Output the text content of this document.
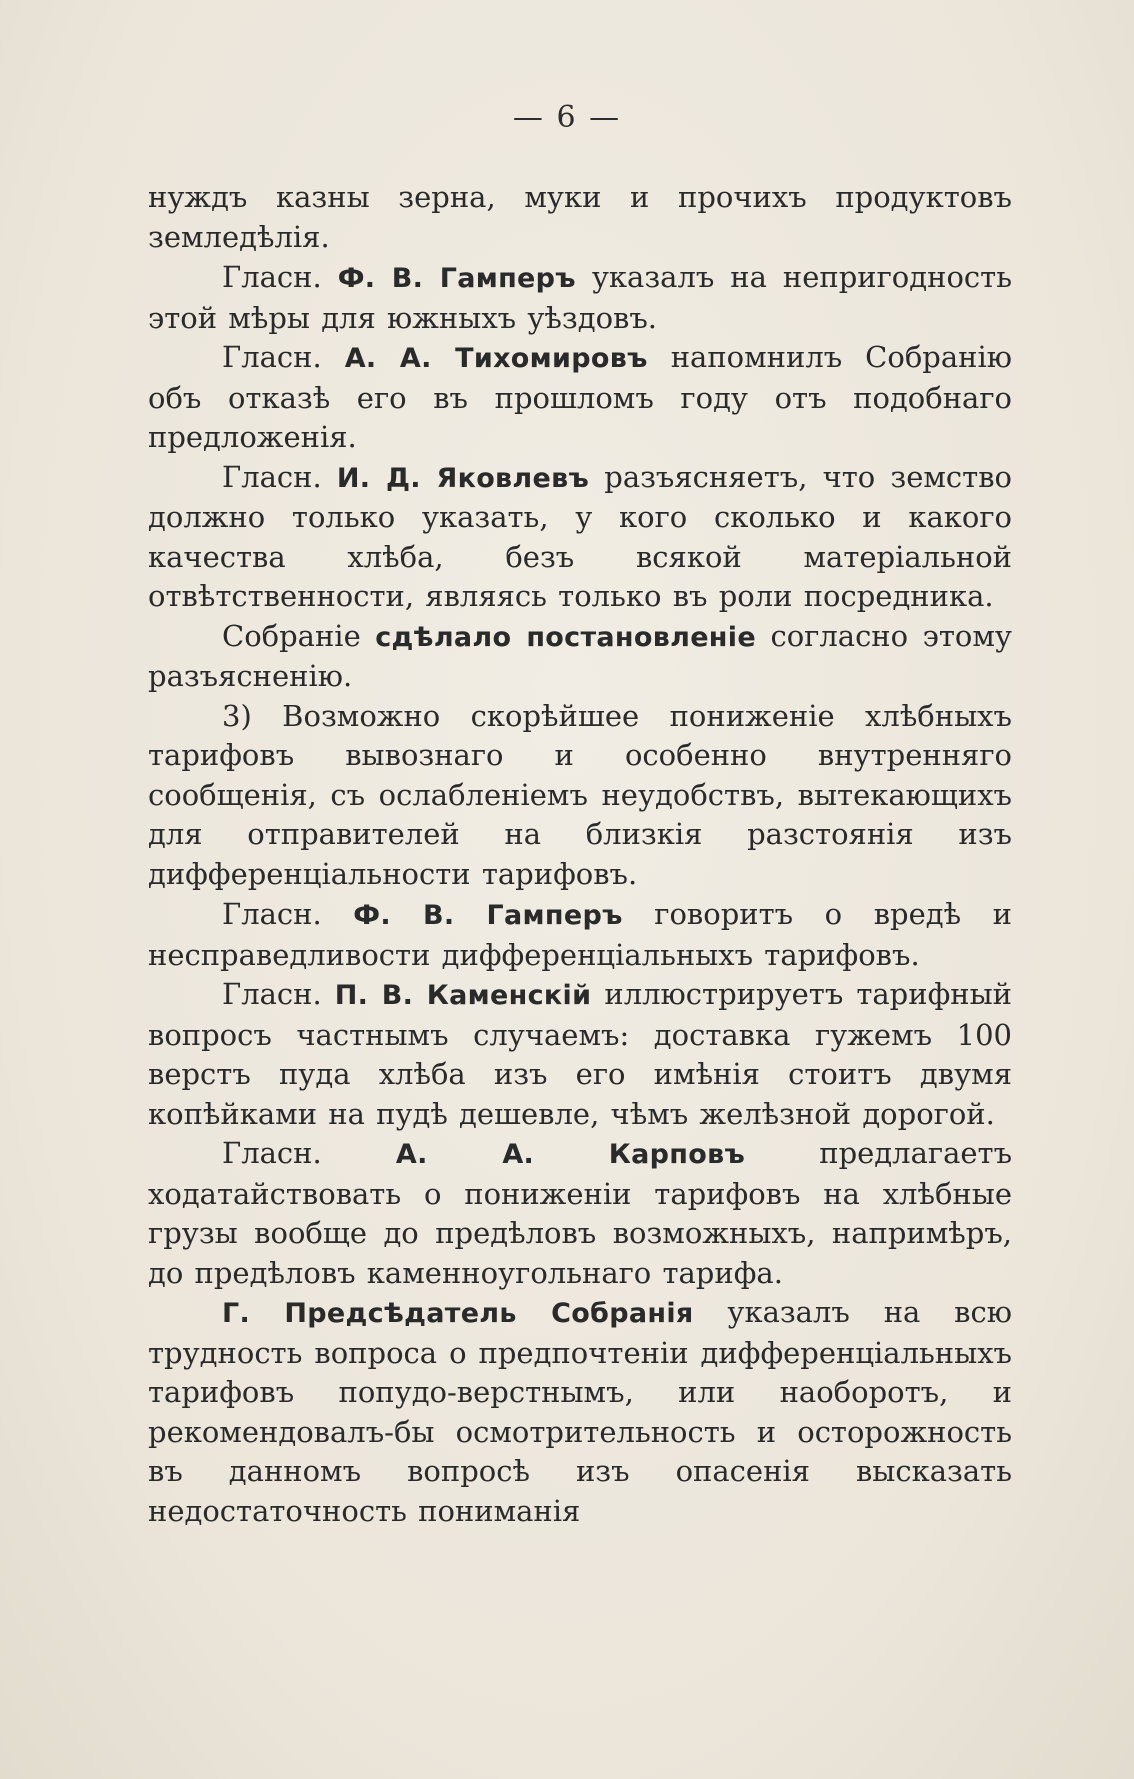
— 6 —

нуждъ казны зерна, муки и прочихъ продуктовъ земледѣлія.

Гласн. Ф. В. Гамперъ указалъ на непригодность этой мѣры для южныхъ уѣздовъ.

Гласн. А. А. Тихомировъ напомнилъ Собранію объ отказѣ его въ прошломъ году отъ подобнаго предложенія.

Гласн. И. Д. Яковлевъ разъясняетъ, что земство должно только указать, у кого сколько и какого качества хлѣба, безъ всякой матеріальной отвѣтственности, являясь только въ роли посредника.

Собраніе сдѣлало постановленіе согласно этому разъясненію.

3) Возможно скорѣйшее пониженіе хлѣбныхъ тарифовъ вывознаго и особенно внутренняго сообщенія, съ ослабленіемъ неудобствъ, вытекающихъ для отправителей на близкія разстоянія изъ дифференціальности тарифовъ.

Гласн. Ф. В. Гамперъ говоритъ о вредѣ и несправедливости дифференціальныхъ тарифовъ.

Гласн. П. В. Каменскій иллюстрируетъ тарифный вопросъ частнымъ случаемъ: доставка гужемъ 100 верстъ пуда хлѣба изъ его имѣнія стоитъ двумя копѣйками на пудѣ дешевле, чѣмъ желѣзной дорогой.

Гласн. А. А. Карповъ предлагаетъ ходатайствовать о пониженіи тарифовъ на хлѣбные грузы вообще до предѣловъ возможныхъ, напримѣръ, до предѣловъ каменноугольнаго тарифа.

Г. Предсѣдатель Собранія указалъ на всю трудность вопроса о предпочтеніи дифференціальныхъ тарифовъ попудо-верстнымъ, или наоборотъ, и рекомендовалъ-бы осмотрительность и осторожность въ данномъ вопросѣ изъ опасенія высказать недостаточность пониманія
